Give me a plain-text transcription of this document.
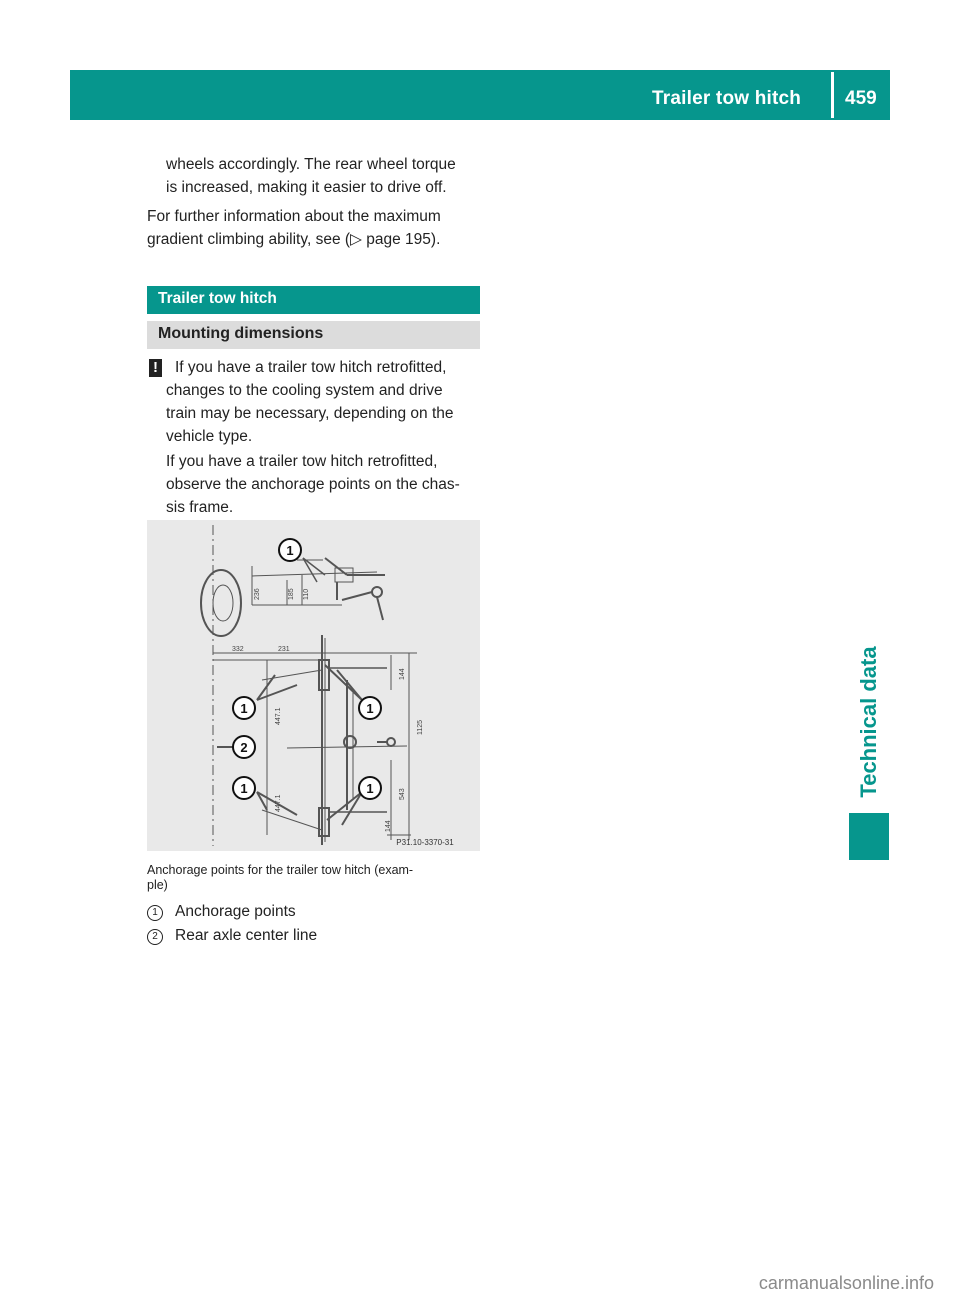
Trailer tow hitch 459
Technical data
wheels accordingly. The rear wheel torque
is increased, making it easier to drive off.
For further information about the maximum
gradient climbing ability, see (▷ page 195).
Trailer tow hitch
Mounting dimensions
! If you have a trailer tow hitch retrofitted,
changes to the cooling system and drive
train may be necessary, depending on the
vehicle type.
If you have a trailer tow hitch retrofitted,
observe the anchorage points on the chas-
sis frame.
1
1	1
2
1	1
236	185 110
332	231
144
447.1
447.1
1125
543
144
P31.10-3370-31
Anchorage points for the trailer tow hitch (exam-
ple)
1 Anchorage points
2 Rear axle center line
carmanualsonline.info
